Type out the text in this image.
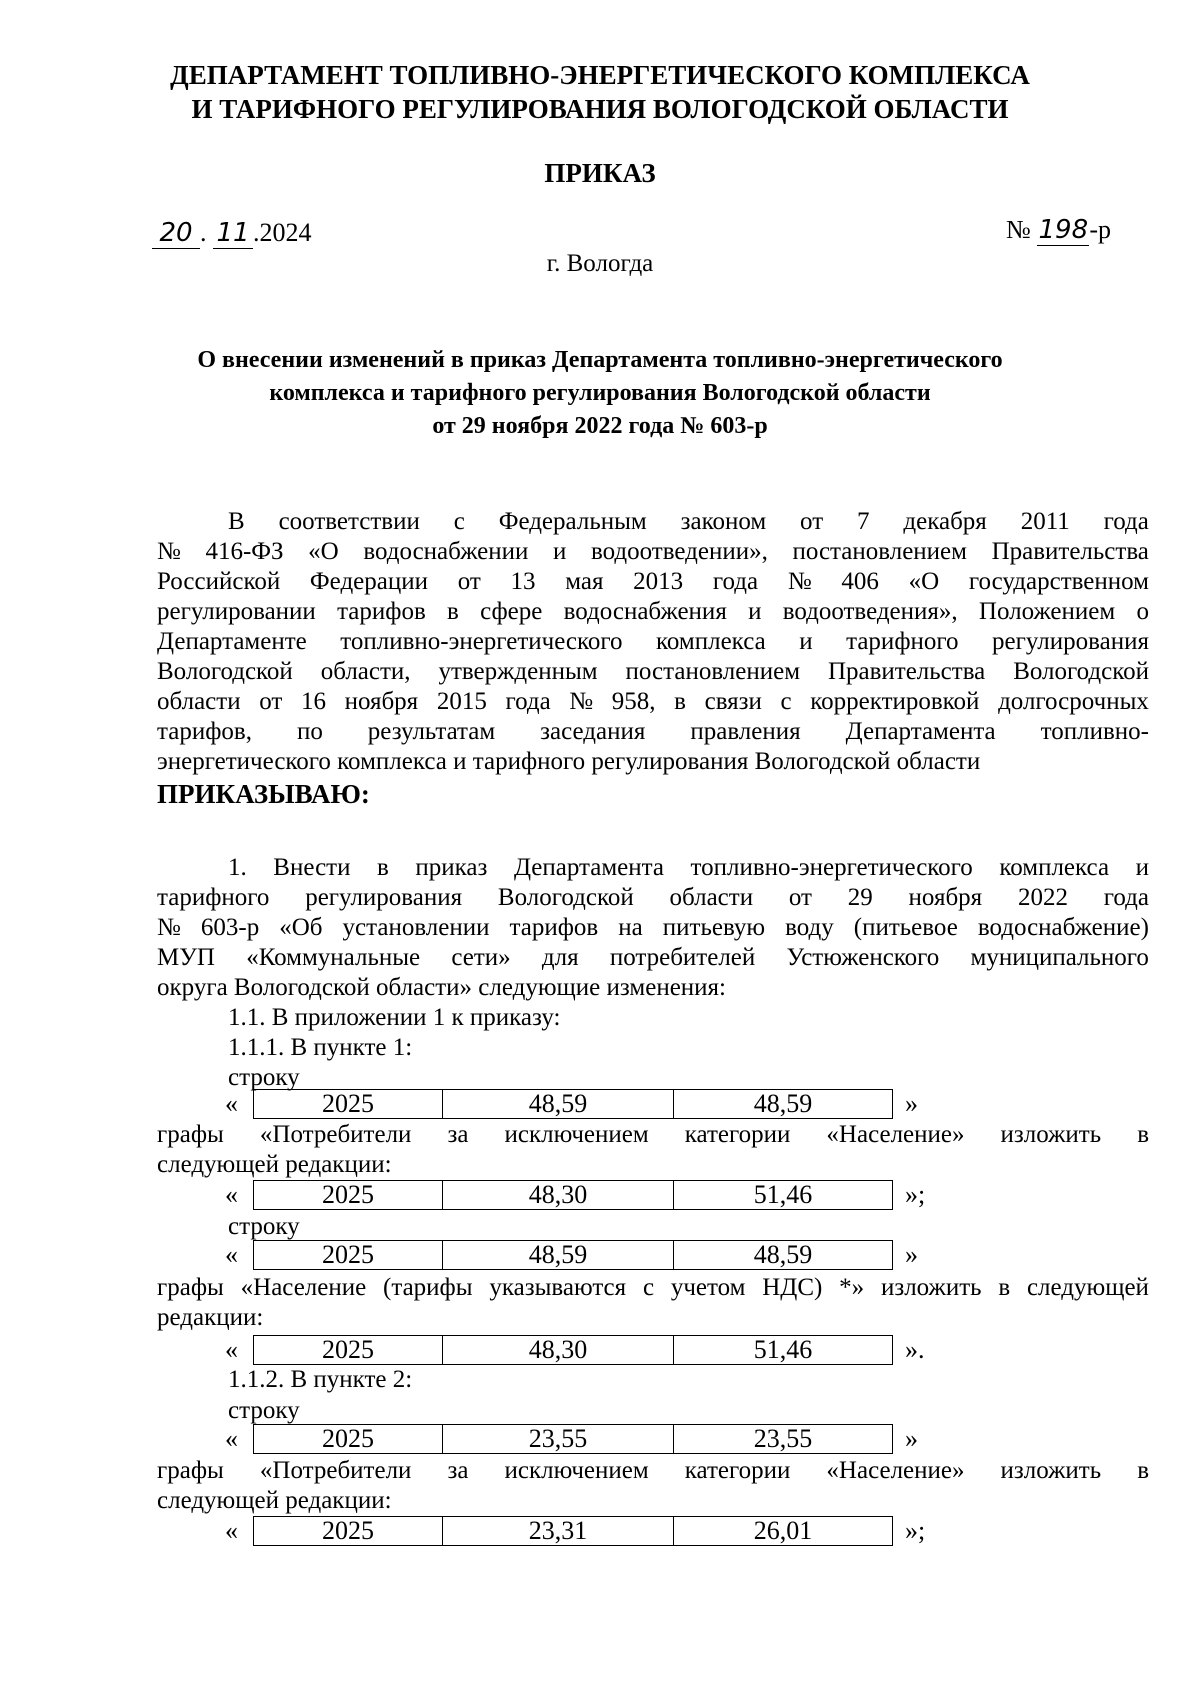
ДЕПАРТАМЕНТ ТОПЛИВНО-ЭНЕРГЕТИЧЕСКОГО КОМПЛЕКСА
И ТАРИФНОГО РЕГУЛИРОВАНИЯ ВОЛОГОДСКОЙ ОБЛАСТИ
ПРИКАЗ
20 . 11 .2024	№ 198-р
г. Вологда
О внесении изменений в приказ Департамента топливно-энергетического
комплекса и тарифного регулирования Вологодской области
от 29 ноября 2022 года № 603-р
В соответствии с Федеральным законом от 7 декабря 2011 года
№ 416-ФЗ «О водоснабжении и водоотведении», постановлением Правительства
Российской Федерации от 13 мая 2013 года № 406 «О государственном
регулировании тарифов в сфере водоснабжения и водоотведения», Положением о
Департаменте топливно-энергетического комплекса и тарифного регулирования
Вологодской области, утвержденным постановлением Правительства Вологодской
области от 16 ноября 2015 года № 958, в связи с корректировкой долгосрочных
тарифов, по результатам заседания правления Департамента топливно-
энергетического комплекса и тарифного регулирования Вологодской области
ПРИКАЗЫВАЮ:
1. Внести в приказ Департамента топливно-энергетического комплекса и
тарифного регулирования Вологодской области от 29 ноября 2022 года
№ 603-р «Об установлении тарифов на питьевую воду (питьевое водоснабжение)
МУП «Коммунальные сети» для потребителей Устюженского муниципального
округа Вологодской области» следующие изменения:
1.1. В приложении 1 к приказу:
1.1.1. В пункте 1:
строку
«	2025	48,59	48,59	»
графы «Потребители за исключением категории «Население» изложить в
следующей редакции:
«	2025	48,30	51,46	»;
строку
«	2025	48,59	48,59	»
графы «Население (тарифы указываются с учетом НДС) *» изложить в следующей
редакции:
«	2025	48,30	51,46	».
1.1.2. В пункте 2:
строку
«	2025	23,55	23,55	»
графы «Потребители за исключением категории «Население» изложить в
следующей редакции:
«	2025	23,31	26,01	»;
